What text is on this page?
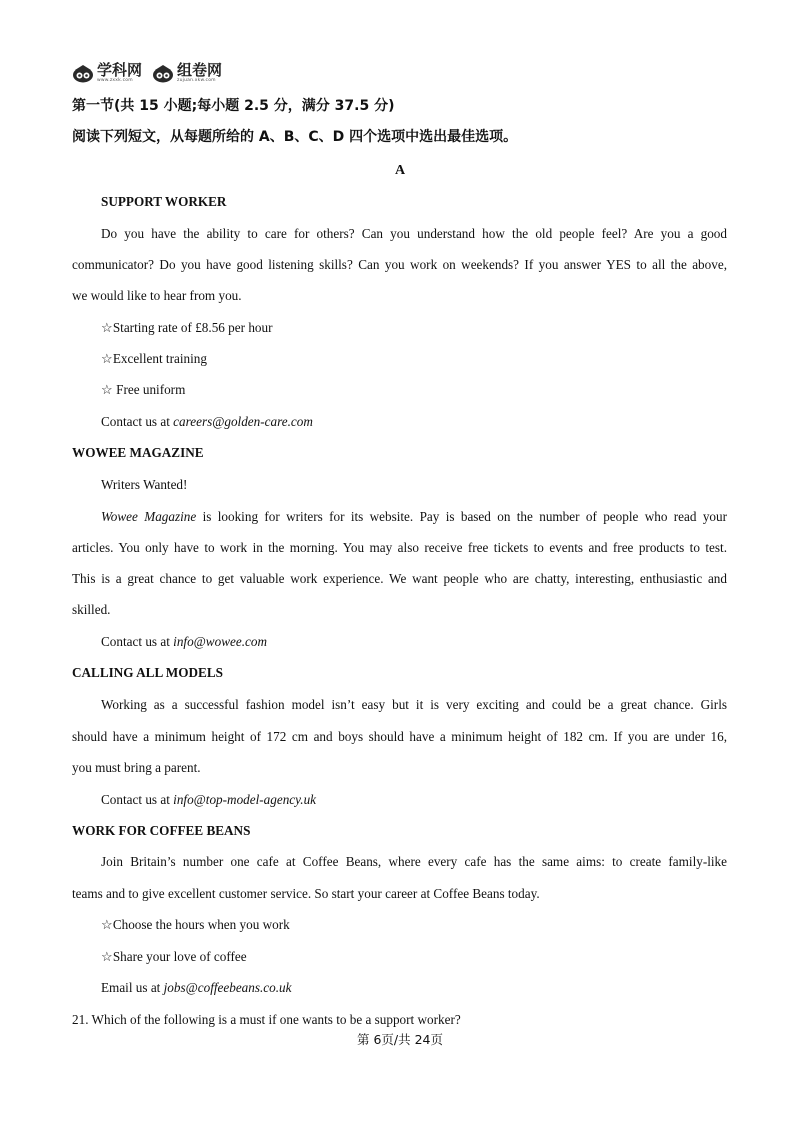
学科网
www.zxxk.com
组卷网
zujuan.xkw.com
第一节(共 15 小题;每小题 2.5 分，满分 37.5 分)
阅读下列短文，从每题所给的 A、B、C、D 四个选项中选出最佳选项。
A
SUPPORT WORKER
Do you have the ability to care for others? Can you understand how the old people feel? Are you a good
communicator? Do you have good listening skills? Can you work on weekends? If you answer YES to all the above,
we would like to hear from you.
☆Starting rate of £8.56 per hour
☆Excellent training
☆ Free uniform
Contact us at careers@golden-care.com
WOWEE MAGAZINE
Writers Wanted!
Wowee Magazine is looking for writers for its website. Pay is based on the number of people who read your
articles. You only have to work in the morning. You may also receive free tickets to events and free products to test.
This is a great chance to get valuable work experience. We want people who are chatty, interesting, enthusiastic and
skilled.
Contact us at info@wowee.com
CALLING ALL MODELS
Working as a successful fashion model isn’t easy but it is very exciting and could be a great chance. Girls
should have a minimum height of 172 cm and boys should have a minimum height of 182 cm. If you are under 16,
you must bring a parent.
Contact us at info@top-model-agency.uk
WORK FOR COFFEE BEANS
Join Britain’s number one cafe at Coffee Beans, where every cafe has the same aims: to create family-like
teams and to give excellent customer service. So start your career at Coffee Beans today.
☆Choose the hours when you work
☆Share your love of coffee
Email us at jobs@coffeebeans.co.uk
21. Which of the following is a must if one wants to be a support worker?
第 6页/共 24页
